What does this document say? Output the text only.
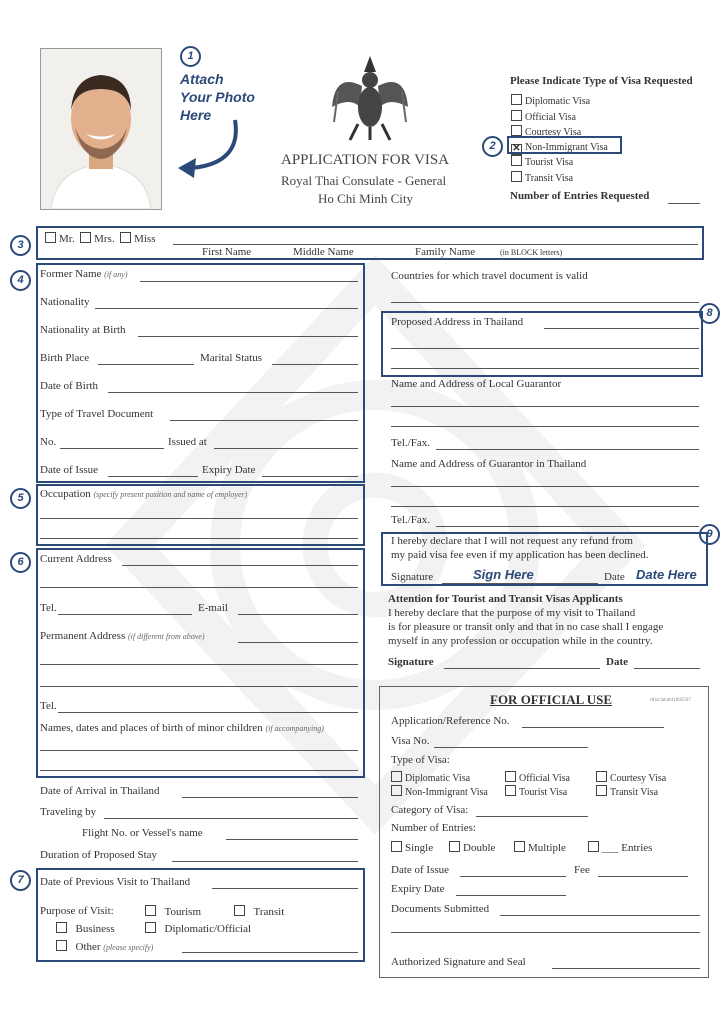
1
Attach
Your Photo
Here
APPLICATION FOR VISA
Royal Thai Consulate - General
Ho Chi Minh City
Please Indicate Type of Visa Requested
Diplomatic Visa
Official Visa
Courtesy Visa
✕ Non-Immigrant Visa
Tourist Visa
Transit Visa
2
Number of Entries Requested
3	Mr. Mrs. Miss
First Name	Middle Name	Family Name	(in BLOCK letters)
4	Former Name (if any)
Nationality
Nationality at Birth
Birth Place	Marital Status
Date of Birth
Type of Travel Document
No.	Issued at
Date of Issue	Expiry Date
5	Occupation (specify present position and name of employer)
6	Current Address
Tel.	E-mail
Permanent Address (if different from above)
Tel.
Names, dates and places of birth of minor children (if accompanying)
Date of Arrival in Thailand
Traveling by
Flight No. or Vessel's name
Duration of Proposed Stay
7	Date of Previous Visit to Thailand
Purpose of Visit:	Tourism	Transit
Business	Diplomatic/Official
Other (please specify)
Countries for which travel document is valid
8
Proposed Address in Thailand
Name and Address of Local Guarantor
Tel./Fax.
Name and Address of Guarantor in Thailand
Tel./Fax.
9
I hereby declare that I will not request any refund from
my paid visa fee even if my application has been declined.
Signature	Sign Here	Date Date Here
Attention for Tourist and Transit Visas Applicants
I hereby declare that the purpose of my visit to Thailand
is for pleasure or transit only and that in no case shall I engage
myself in any profession or occupation while in the country.
Signature	Date
FOR OFFICIAL USE	rtfsrclahnhf1892507
Application/Reference No.
Visa No.
Type of Visa:
Diplomatic Visa	Official Visa	Courtesy Visa
Non-Immigrant Visa	Tourist Visa	Transit Visa
Category of Visa:
Number of Entries:
Single	Double	Multiple	___ Entries
Date of Issue	Fee
Expiry Date
Documents Submitted
Authorized Signature and Seal
